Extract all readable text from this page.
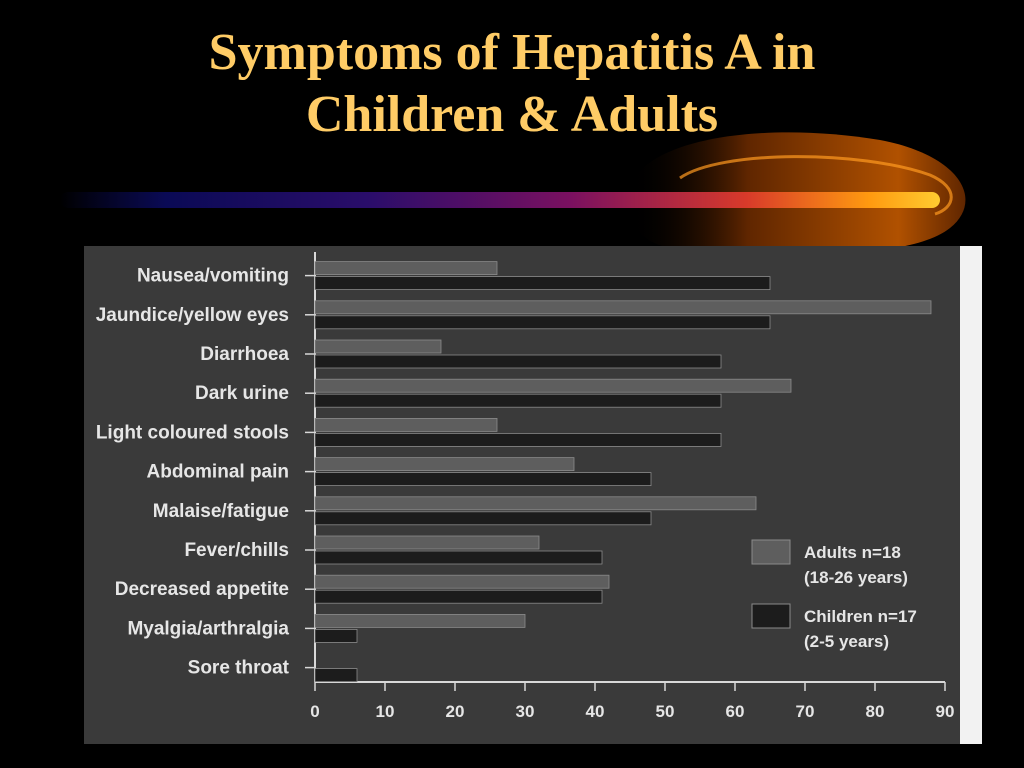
Symptoms of Hepatitis A in
Children & Adults
Nausea/vomiting
Jaundice/yellow eyes
Diarrhoea
Dark urine
Light coloured stools
Abdominal pain
Malaise/fatigue
Fever/chills
Decreased appetite
Myalgia/arthralgia
Sore throat
0	10	20	30	40	50	60	70	80	90
Adults n=18
(18-26 years)
Children n=17
(2-5 years)
